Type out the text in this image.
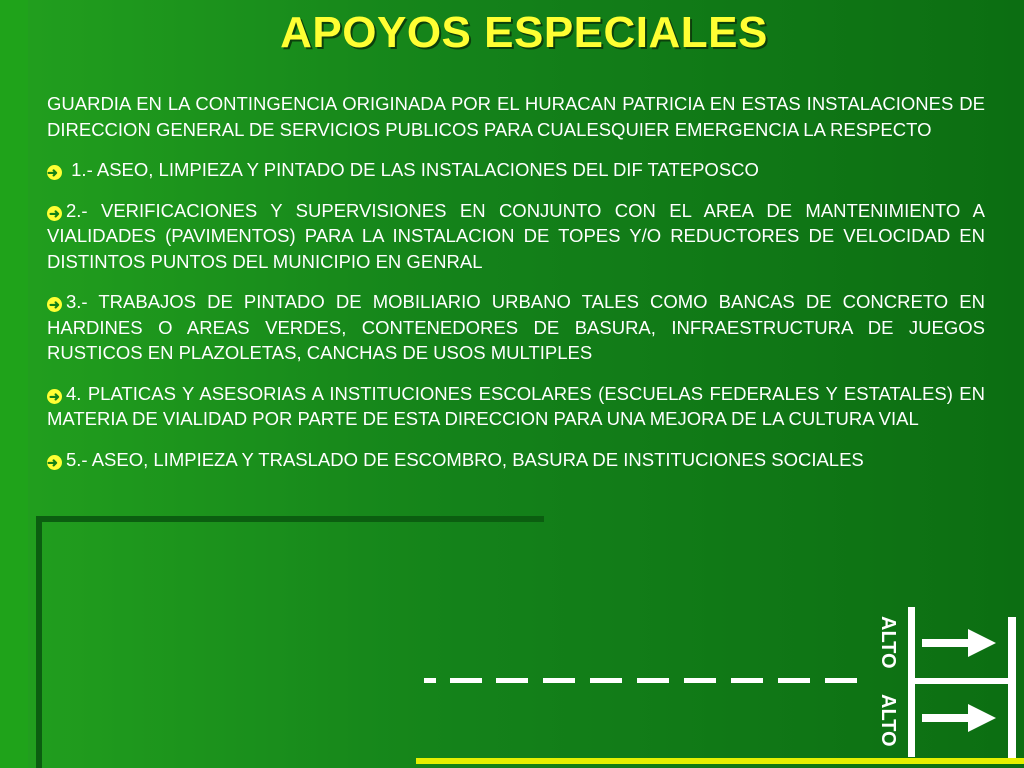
APOYOS ESPECIALES

GUARDIA EN LA CONTINGENCIA ORIGINADA POR EL HURACAN PATRICIA EN ESTAS INSTALACIONES DE DIRECCION GENERAL DE SERVICIOS PUBLICOS PARA CUALESQUIER EMERGENCIA LA RESPECTO

➜ 1.- ASEO, LIMPIEZA Y PINTADO DE LAS INSTALACIONES DEL DIF TATEPOSCO

➜ 2.- VERIFICACIONES Y SUPERVISIONES EN CONJUNTO CON EL AREA DE MANTENIMIENTO A VIALIDADES (PAVIMENTOS) PARA LA INSTALACION DE TOPES Y/O REDUCTORES DE VELOCIDAD EN DISTINTOS PUNTOS DEL MUNICIPIO EN GENRAL

➜ 3.- TRABAJOS DE PINTADO DE MOBILIARIO URBANO TALES COMO BANCAS DE CONCRETO EN HARDINES O AREAS VERDES, CONTENEDORES DE BASURA, INFRAESTRUCTURA DE JUEGOS RUSTICOS EN PLAZOLETAS, CANCHAS DE USOS MULTIPLES

➜ 4. PLATICAS Y ASESORIAS A INSTITUCIONES ESCOLARES (ESCUELAS FEDERALES Y ESTATALES) EN MATERIA DE VIALIDAD POR PARTE DE ESTA DIRECCION PARA UNA MEJORA DE LA CULTURA VIAL

➜ 5.- ASEO, LIMPIEZA Y TRASLADO DE ESCOMBRO, BASURA DE INSTITUCIONES SOCIALES

ALTO
ALTO
